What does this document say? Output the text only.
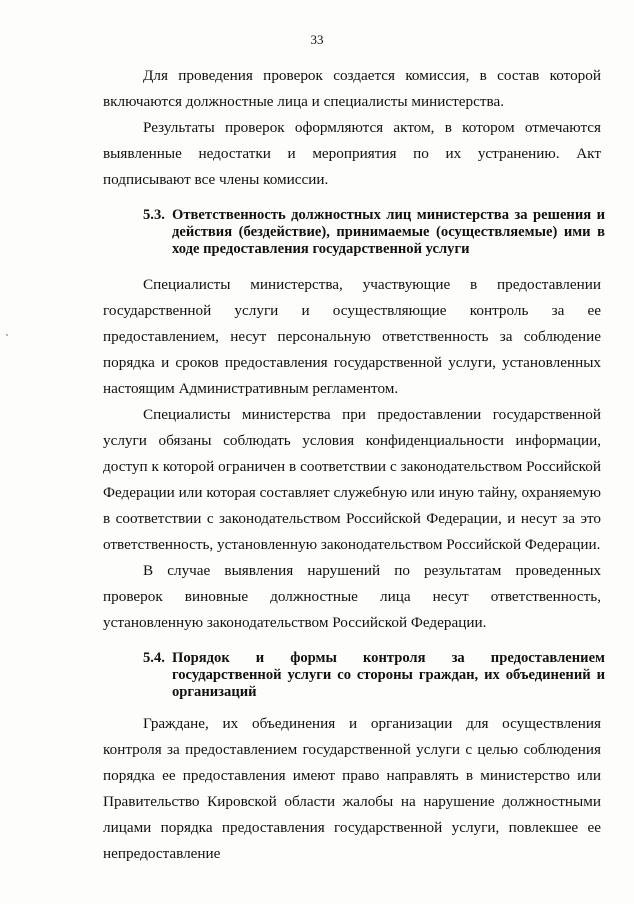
33
Для проведения проверок создается комиссия, в состав которой включаются должностные лица и специалисты министерства.
Результаты проверок оформляются актом, в котором отмечаются выявленные недостатки и мероприятия по их устранению. Акт подписывают все члены комиссии.
5.3. Ответственность должностных лиц министерства за решения и действия (бездействие), принимаемые (осуществляемые) ими в ходе предоставления государственной услуги
Специалисты министерства, участвующие в предоставлении государственной услуги и осуществляющие контроль за ее предоставлением, несут персональную ответственность за соблюдение порядка и сроков предоставления государственной услуги, установленных настоящим Административным регламентом.
Специалисты министерства при предоставлении государственной услуги обязаны соблюдать условия конфиденциальности информации, доступ к которой ограничен в соответствии с законодательством Российской Федерации или которая составляет служебную или иную тайну, охраняемую в соответствии с законодательством Российской Федерации, и несут за это ответственность, установленную законодательством Российской Федерации.
В случае выявления нарушений по результатам проведенных проверок виновные должностные лица несут ответственность, установленную законодательством Российской Федерации.
5.4. Порядок и формы контроля за предоставлением государственной услуги со стороны граждан, их объединений и организаций
Граждане, их объединения и организации для осуществления контроля за предоставлением государственной услуги с целью соблюдения порядка ее предоставления имеют право направлять в министерство или Правительство Кировской области жалобы на нарушение должностными лицами порядка предоставления государственной услуги, повлекшее ее непредоставление
